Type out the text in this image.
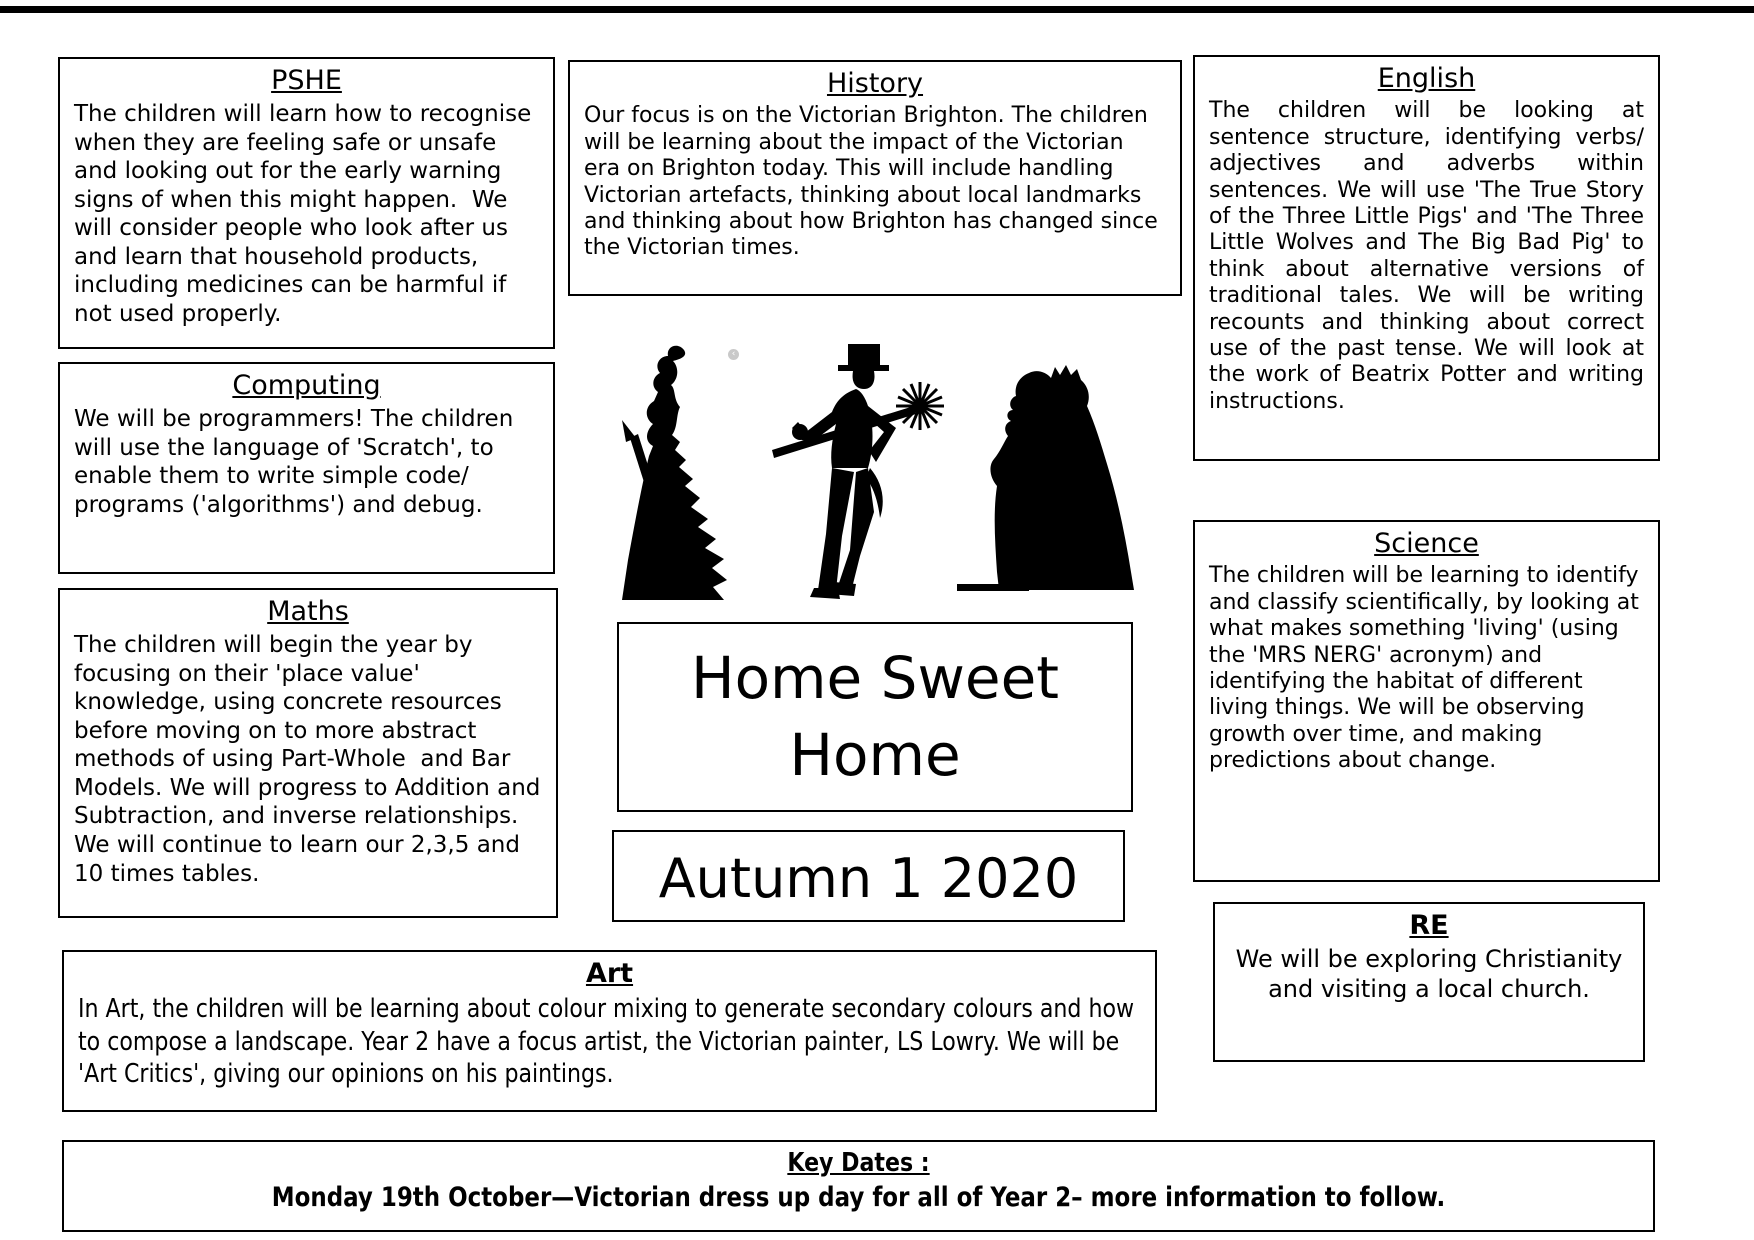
PSHE

The children will learn how to recognise when they are feeling safe or unsafe and looking out for the early warning signs of when this might happen.  We will consider people who look after us and learn that household products, including medicines can be harmful if not used properly.

Computing

We will be programmers! The children will use the language of 'Scratch', to enable them to write simple code/ programs ('algorithms') and debug.

Maths

The children will begin the year by focusing on their 'place value' knowledge, using concrete resources before moving on to more abstract methods of using Part-Whole  and Bar Models. We will progress to Addition and Subtraction, and inverse relationships.  We will continue to learn our 2,3,5 and 10 times tables.

History

Our focus is on the Victorian Brighton. The children will be learning about the impact of the Victorian era on Brighton today. This will include handling Victorian artefacts, thinking about local landmarks and thinking about how Brighton has changed since the Victorian times.

‹

Home Sweet Home

Autumn 1 2020

English

The children will be looking at sentence structure, identifying verbs/ adjectives and adverbs within sentences. We will use 'The True Story of the Three Little Pigs' and 'The Three Little Wolves and The Big Bad Pig' to think about alternative versions of traditional tales. We will be writing recounts and thinking about correct use of the past tense. We will look at the work of Beatrix Potter and writing instructions.

Science

The children will be learning to identify and classify scientifically, by looking at what makes something 'living' (using the 'MRS NERG' acronym) and identifying the habitat of different living things. We will be observing growth over time, and making predictions about change.

RE

We will be exploring Christianity and visiting a local church.

Art

In Art, the children will be learning about colour mixing to generate secondary colours and how to compose a landscape. Year 2 have a focus artist, the Victorian painter, LS Lowry. We will be 'Art Critics', giving our opinions on his paintings.

Key Dates :

Monday 19th October—Victorian dress up day for all of Year 2– more information to follow.
